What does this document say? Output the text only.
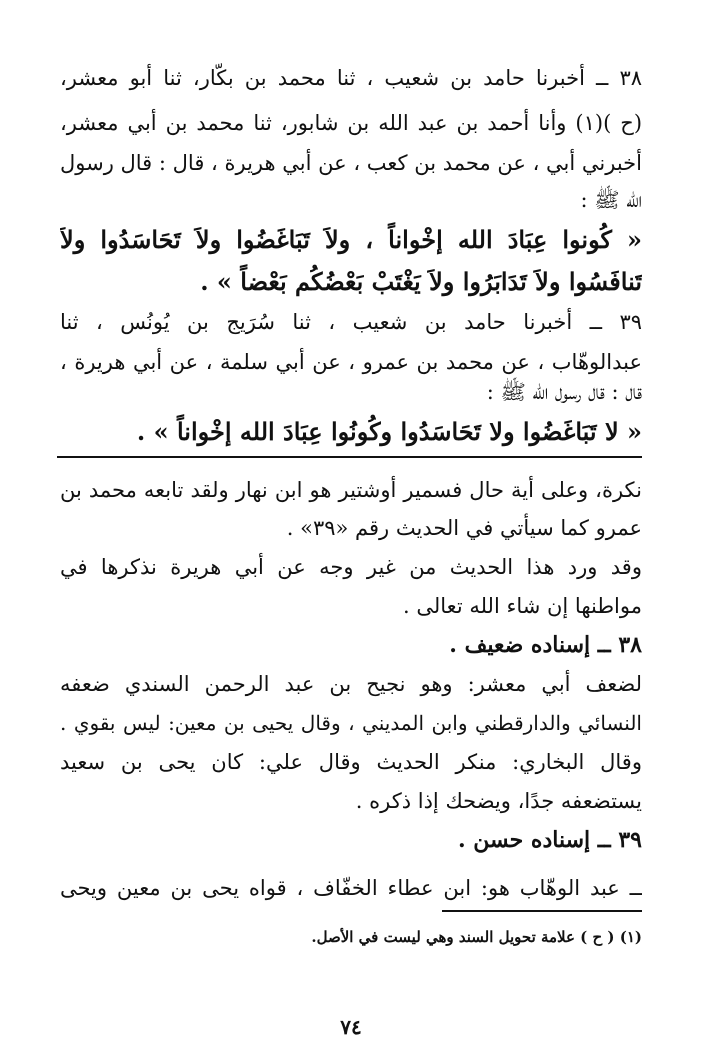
٣٨ ــ أخبرنا حامد بن شعيب ، ثنا محمد بن بكّار، ثنا أبو معشر،
(ح )(١) وأنا أحمد بن عبد الله بن شابور، ثنا محمد بن أبي معشر،
أخبرني أبي ، عن محمد بن كعب ، عن أبي هريرة ، قال : قال رسول
الله ﷺ :
« كُونوا عِبَادَ الله إخْواناً ، ولاَ تَبَاغَضُوا ولاَ تَحَاسَدُوا ولاَ
تَنافَسُوا ولاَ تَدَابَرُوا ولاَ يَغْتَبْ بَعْضُكُم بَعْضاً » .
٣٩ ــ أخبرنا حامد بن شعيب ، ثنا سُرَيج بن يُونُس ، ثنا
عبدالوهّاب ، عن محمد بن عمرو ، عن أبي سلمة ، عن أبي هريرة ،
قال : قال رسول الله ﷺ :
« لا تَبَاغَضُوا ولا تَحَاسَدُوا وكُونُوا عِبَادَ الله إخْواناً » .
نكرة، وعلى أية حال فسمير أوشتير هو ابن نهار ولقد تابعه محمد بن
عمرو كما سيأتي في الحديث رقم «٣٩» .
وقد ورد هذا الحديث من غير وجه عن أبي هريرة نذكرها في
مواطنها إن شاء الله تعالى .
٣٨ ــ إسناده ضعيف .
لضعف أبي معشر: وهو نجيح بن عبد الرحمن السندي ضعفه
النسائي والدارقطني وابن المديني ، وقال يحيى بن معين: ليس بقوي .
وقال البخاري: منكر الحديث وقال علي: كان يحى بن سعيد
يستضعفه جدًا، ويضحك إذا ذكره .
٣٩ ــ إسناده حسن .
ــ عبد الوهّاب هو: ابن عطاء الخفّاف ، قواه يحى بن معين ويحى
(١) ( ح ) علامة تحويل السند وهي ليست في الأصل.
٧٤
